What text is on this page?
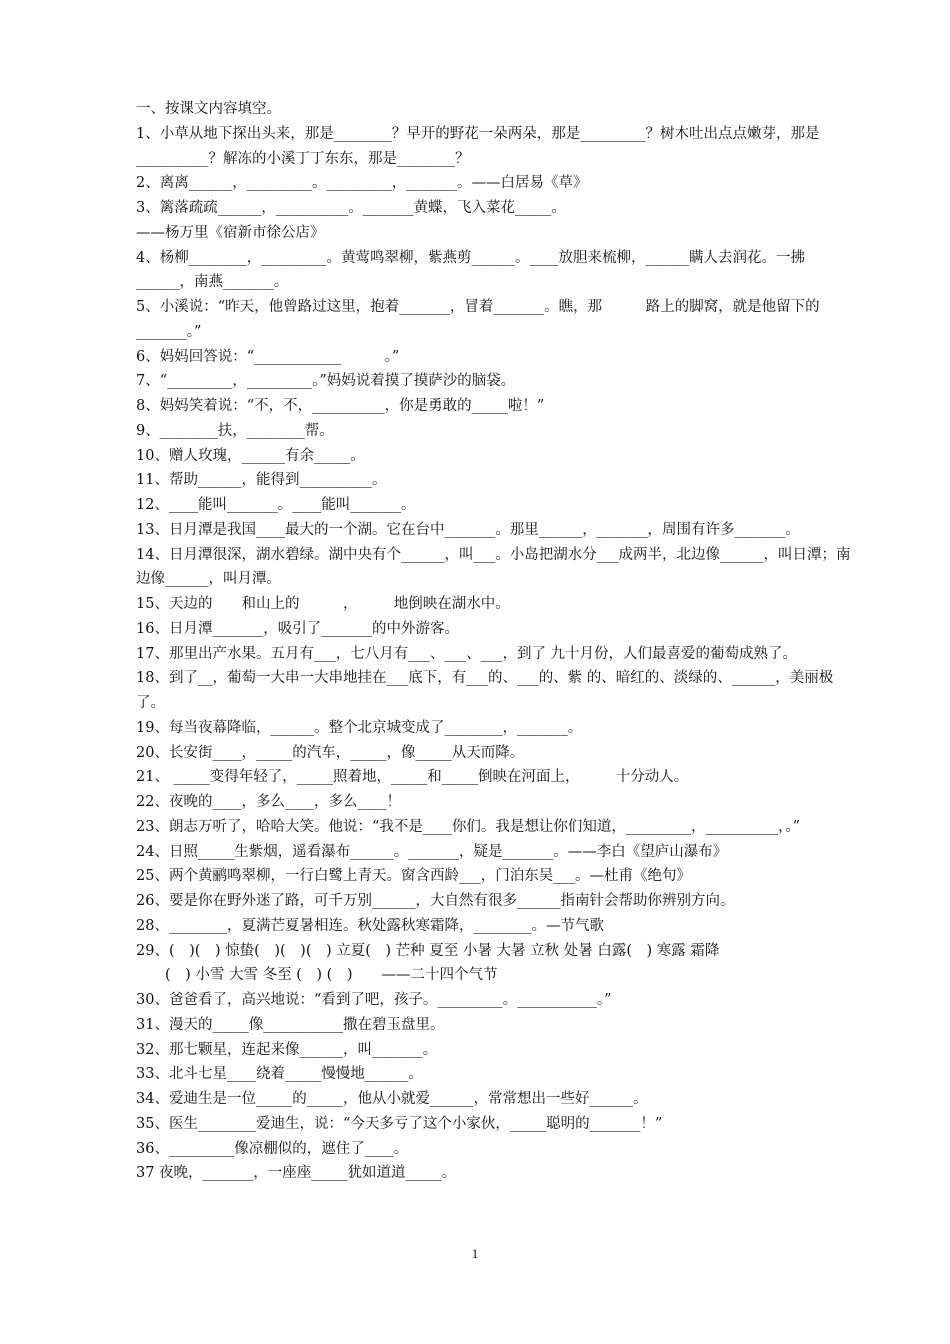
一、按课文内容填空。
1、小草从地下探出头来，那是________？早开的野花一朵两朵，那是_________？树木吐出点点嫩芽，那是__________？解冻的小溪丁丁东东，那是________？
2、离离______，_________。_________，_______。——白居易《草》
3、篱落疏疏______，__________。_______黄蝶，飞入菜花_____。
——杨万里《宿新市徐公店》
4、杨柳________，_________。黄莺鸣翠柳，紫燕剪______。____放胆来梳柳，______瞒人去润花。一拂______，南燕_______。
5、小溪说：“昨天，他曾路过这里，抱着_______，冒着_______。瞧，那　　　路上的脚窝，就是他留下的_______。”
6、妈妈回答说：“____________　　　。”
7、“_________，_________。”妈妈说着摸了摸萨沙的脑袋。
8、妈妈笑着说：“不，不，__________，你是勇敢的_____啦！”
9、________扶，________帮。
10、赠人玫瑰，______有余_____。
11、帮助______，能得到__________。
12、____能叫_______。____能叫_______。
13、日月潭是我国____最大的一个湖。它在台中_______。那里______，_______，周围有许多_______。
14、日月潭很深，湖水碧绿。湖中央有个______，叫___。小岛把湖水分___成两半，北边像______，叫日潭；南边像______，叫月潭。
15、天边的　　和山上的　　　，　　　地倒映在湖水中。
16、日月潭_______，吸引了_______的中外游客。
17、那里出产水果。五月有___，七八月有___、___、___，到了 九十月份，人们最喜爱的葡萄成熟了。
18、到了__，葡萄一大串一大串地挂在___底下，有___的、___的、紫 的、暗红的、淡绿的、______，美丽极了。
19、每当夜幕降临，______。整个北京城变成了________，_______。
20、长安街____，_____的汽车，_____，像_____从天而降。
21、 _____变得年轻了，_____照着地，_____和_____倒映在河面上，　　　十分动人。
22、夜晚的____，多么____，多么____！
23、朗志万听了，哈哈大笑。他说：“我不是____你们。我是想让你们知道，_________，__________，。”
24、日照_____生紫烟，遥看瀑布______。_______，疑是_______。——李白《望庐山瀑布》
25、两个黄鹂鸣翠柳，一行白鹭上青天。窗含西龄___，门泊东吴___。—杜甫《绝句》
26、要是你在野外迷了路，可千万别______，大自然有很多______指南针会帮助你辨别方向。
28、________，夏满芒夏暑相连。秋处露秋寒霜降，________。—节气歌
29、(　)(　) 惊蛰(　)(　)(　) 立夏(　) 芒种 夏至 小暑 大暑 立秋 处暑 白露(　) 寒露 霜降
　　(　) 小雪 大雪 冬至 (　) (　)　　——二十四个气节
30、爸爸看了，高兴地说：“看到了吧，孩子。_________。___________。”
31、漫天的_____像___________撒在碧玉盘里。
32、那七颗星，连起来像______，叫_______。
33、北斗七星____绕着_____慢慢地______。
34、爱迪生是一位_____的_____，他从小就爱______，常常想出一些好______。
35、医生________爱迪生，说：“今天多亏了这个小家伙，_____聪明的_______！”
36、_________像凉棚似的，遮住了____。
37 夜晚，_______，一座座_____犹如道道_____。
1
